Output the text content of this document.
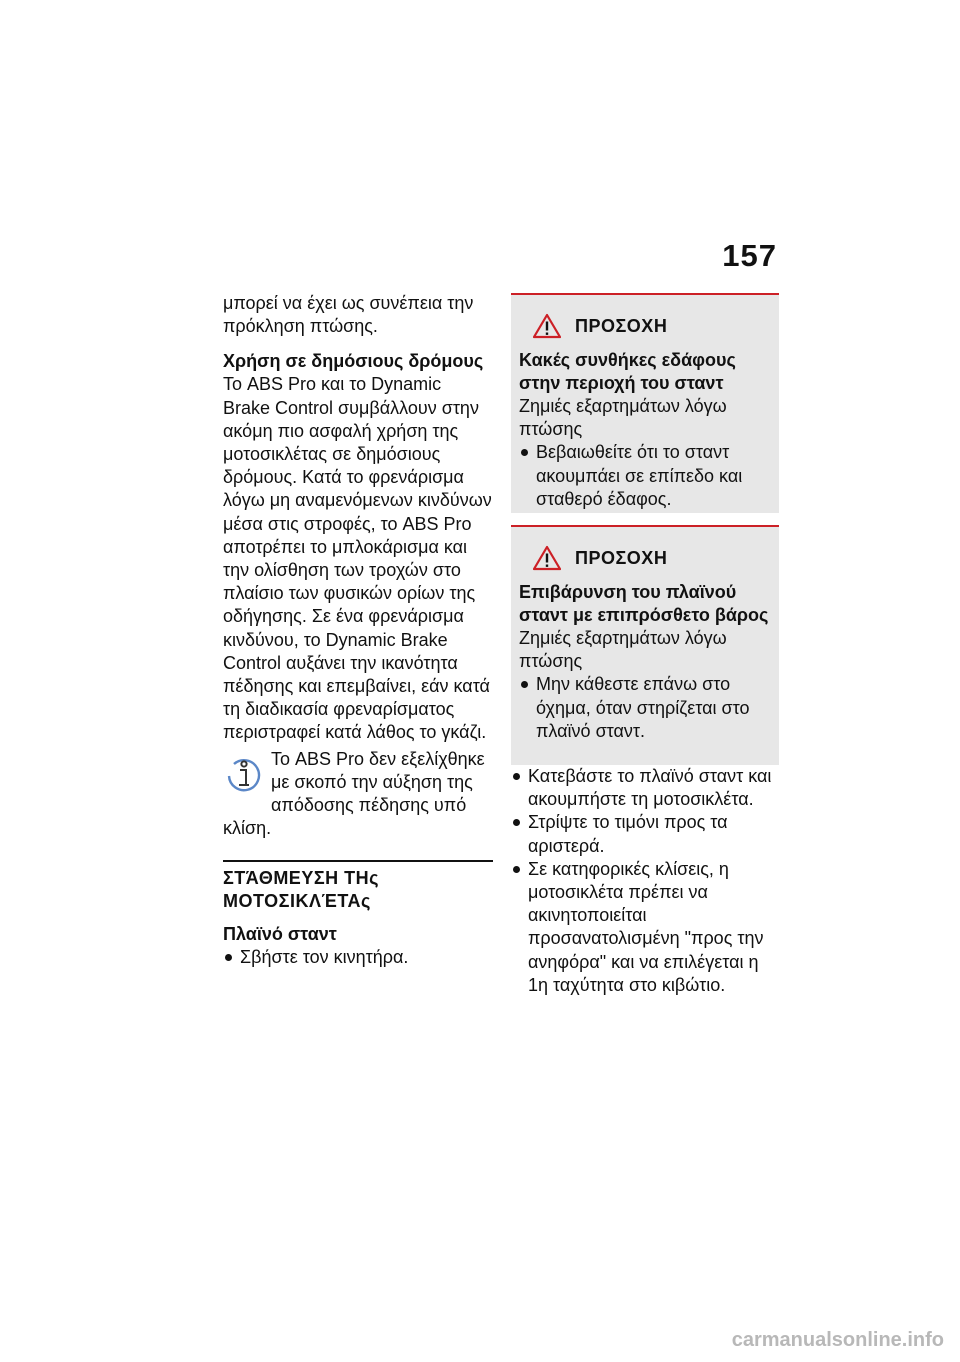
157

μπορεί να έχει ως συνέπεια την πρόκληση πτώσης.

Χρήση σε δημόσιους δρόμους

Το ABS Pro και το Dynamic Brake Control συμβάλλουν στην ακόμη πιο ασφαλή χρήση της μοτοσικλέτας σε δημόσιους δρόμους. Κατά το φρενάρισμα λόγω μη αναμενόμενων κινδύνων μέσα στις στροφές, το ABS Pro αποτρέπει το μπλοκάρισμα και την ολίσθηση των τροχών στο πλαίσιο των φυσικών ορίων της οδήγησης. Σε ένα φρενάρισμα κινδύνου, το Dynamic Brake Control αυξάνει την ικανότητα πέδησης και επεμβαίνει, εάν κατά τη διαδικασία φρεναρίσματος περιστραφεί κατά λάθος το γκάζι.

Το ABS Pro δεν εξελίχθηκε με σκοπό την αύξηση της απόδοσης πέδησης υπό κλίση.

ΣΤΆΘΜΕΥΣΗ ΤΗς ΜΟΤΟΣΙΚΛΈΤΑς

Πλαϊνό σταντ

Σβήστε τον κινητήρα.
ΠΡΟΣΟΧΗ

Κακές συνθήκες εδάφους στην περιοχή του σταντ

Ζημιές εξαρτημάτων λόγω πτώσης

Βεβαιωθείτε ότι το σταντ ακουμπάει σε επίπεδο και σταθερό έδαφος.
ΠΡΟΣΟΧΗ

Επιβάρυνση του πλαϊνού σταντ με επιπρόσθετο βάρος

Ζημιές εξαρτημάτων λόγω πτώσης

Μην κάθεστε επάνω στο όχημα, όταν στηρίζεται στο πλαϊνό σταντ.
Κατεβάστε το πλαϊνό σταντ και ακουμπήστε τη μοτοσικλέτα.
Στρίψτε το τιμόνι προς τα αριστερά.
Σε κατηφορικές κλίσεις, η μοτοσικλέτα πρέπει να ακινητοποιείται προσανατολισμένη "προς την ανηφόρα" και να επιλέγεται η 1η ταχύτητα στο κιβώτιο.
carmanualsonline.info
